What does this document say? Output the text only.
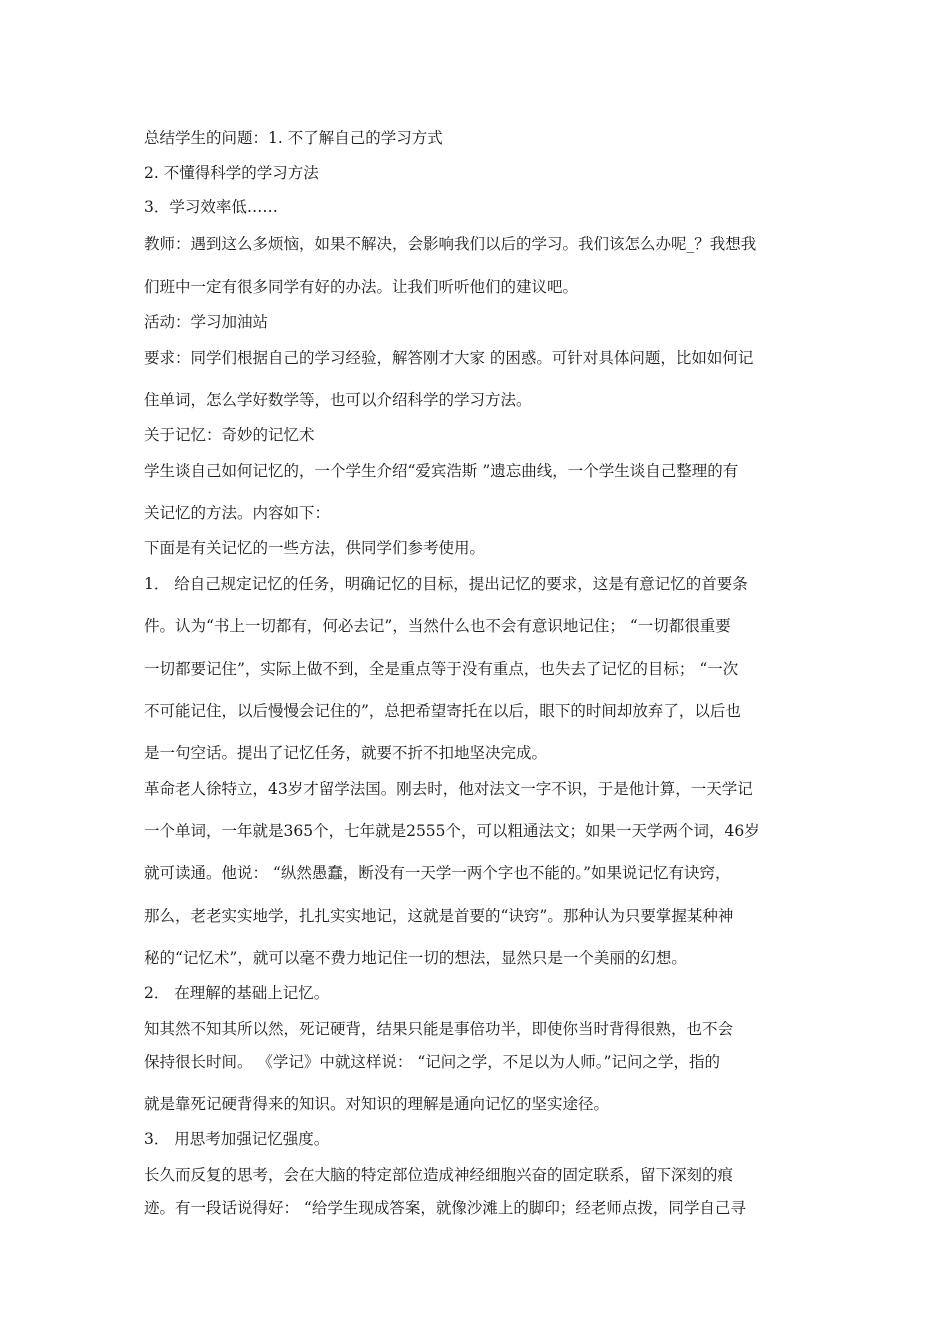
总结学生的问题：1. 不了解自己的学习方式
2. 不懂得科学的学习方法
3．学习效率低……
教师：遇到这么多烦恼，如果不解决，会影响我们以后的学习。我们该怎么办呢_？我想我
们班中一定有很多同学有好的办法。让我们听听他们的建议吧。
活动：学习加油站
要求：同学们根据自己的学习经验，解答刚才大家 的困惑。可针对具体问题，比如如何记
住单词，怎么学好数学等，也可以介绍科学的学习方法。
关于记忆：奇妙的记忆术
学生谈自己如何记忆的，一个学生介绍“爱宾浩斯 ”遗忘曲线，一个学生谈自己整理的有
关记忆的方法。内容如下：
下面是有关记忆的一些方法，供同学们参考使用。
1． 给自己规定记忆的任务，明确记忆的目标，提出记忆的要求，这是有意记忆的首要条
件。认为“书上一切都有，何必去记”，当然什么也不会有意识地记住； “一切都很重要
一切都要记住”，实际上做不到，全是重点等于没有重点，也失去了记忆的目标； “一次
不可能记住，以后慢慢会记住的”，总把希望寄托在以后，眼下的时间却放弃了，以后也
是一句空话。提出了记忆任务，就要不折不扣地坚决完成。
革命老人徐特立，43岁才留学法国。刚去时，他对法文一字不识，于是他计算，一天学记
一个单词，一年就是365个，七年就是2555个，可以粗通法文；如果一天学两个词，46岁
就可读通。他说： “纵然愚蠢，断没有一天学一两个字也不能的。”如果说记忆有诀窍，
那么，老老实实地学，扎扎实实地记，这就是首要的“诀窍”。那种认为只要掌握某种神
秘的“记忆术”，就可以毫不费力地记住一切的想法，显然只是一个美丽的幻想。
2． 在理解的基础上记忆。
知其然不知其所以然，死记硬背，结果只能是事倍功半，即使你当时背得很熟，也不会
保持很长时间。 《学记》中就这样说： “记问之学，不足以为人师。”记问之学，指的
就是靠死记硬背得来的知识。对知识的理解是通向记忆的坚实途径。
3． 用思考加强记忆强度。
长久而反复的思考，会在大脑的特定部位造成神经细胞兴奋的固定联系，留下深刻的痕
迹。有一段话说得好： “给学生现成答案，就像沙滩上的脚印；经老师点拨，同学自己寻
